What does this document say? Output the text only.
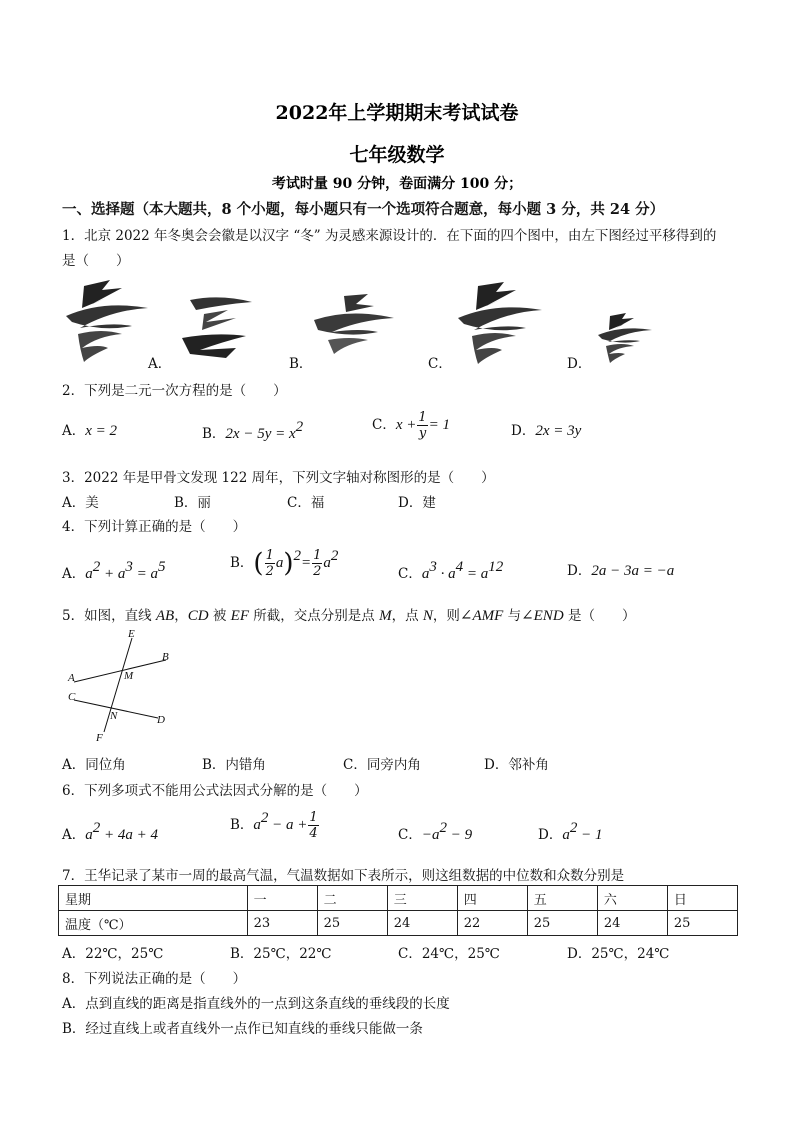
2022年上学期期末考试试卷
七年级数学
考试时量 90 分钟，卷面满分 100 分；
一、选择题（本大题共，8 个小题，每小题只有一个选项符合题意，每小题 3 分，共 24 分）
1．北京 2022 年冬奥会会徽是以汉字 “冬” 为灵感来源设计的．在下面的四个图中，由左下图经过平移得到的
是（　　）
A．	B．	C．	D．
2．下列是二元一次方程的是（　　）
A．x = 2	B．$2x - 5y = x^2$	C．$x + \frac{1}{y} = 1$	D．2x = 3y
3．2022 年是甲骨文发现 122 周年，下列文字轴对称图形的是（　　）
A．美	B．丽	C．福	D．建
4．下列计算正确的是（　　）
A．$a^2 + a^3 = a^5$	B．( $\frac{1}{2} a)^2= \frac{1}{2} a^2$
C．$a^3 \cdot a^4 = a^{12}$	D．2a − 3a = −a
5．如图，直线 AB，CD 被 EF 所截，交点分别是点 M，点 N，则∠AMF 与∠END 是（　　）
E
B
A	M
C
N	D
F
A．同位角	B．内错角	C．同旁内角	D．邻补角
6．下列多项式不能用公式法因式分解的是（　　）
A．$a^2 + 4a + 4$
B．$a^2 - a + \frac{1}{4}$	C．$-a^2 - 9$	D．$a^2 - 1$
7．王华记录了某市一周的最高气温，气温数据如下表所示，则这组数据的中位数和众数分别是
星期	一	二	三	四	五	六	日
温度（℃）	23	25	24	22	25	24	25
A．22℃，25℃	B．25℃，22℃	C．24℃，25℃	D．25℃，24℃
8．下列说法正确的是（　　）
A．点到直线的距离是指直线外的一点到这条直线的垂线段的长度
B．经过直线上或者直线外一点作已知直线的垂线只能做一条
